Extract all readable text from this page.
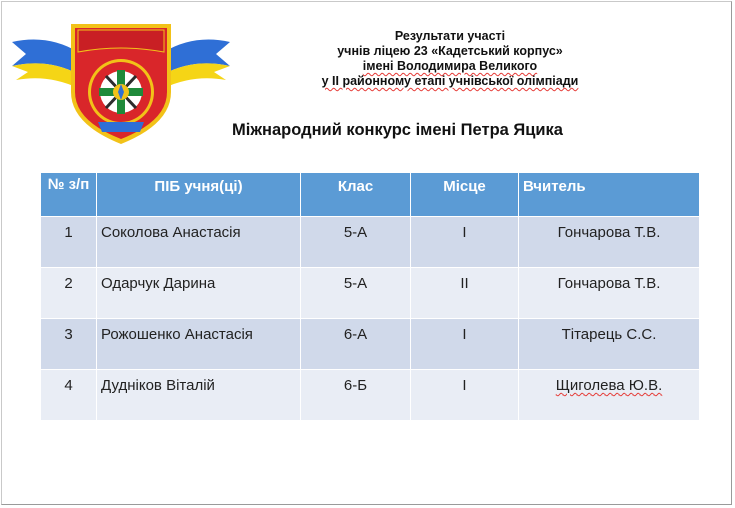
Результати участі
учнів ліцею 23 «Кадетський корпус»
імені Володимира Великого
у ІІ районному етапі учнівської олімпіади
Міжнародний конкурс імені Петра Яцика
№ з/п	ПІБ учня(ці)	Клас	Місце	Вчитель
1	Соколова Анастасія	5-А	І	Гончарова Т.В.
2	Одарчук Дарина	5-А	ІІ	Гончарова Т.В.
3	Рожошенко Анастасія	6-А	І	Тітарець С.С.
4	Дудніков Віталій	6-Б	І	Щиголева Ю.В.
